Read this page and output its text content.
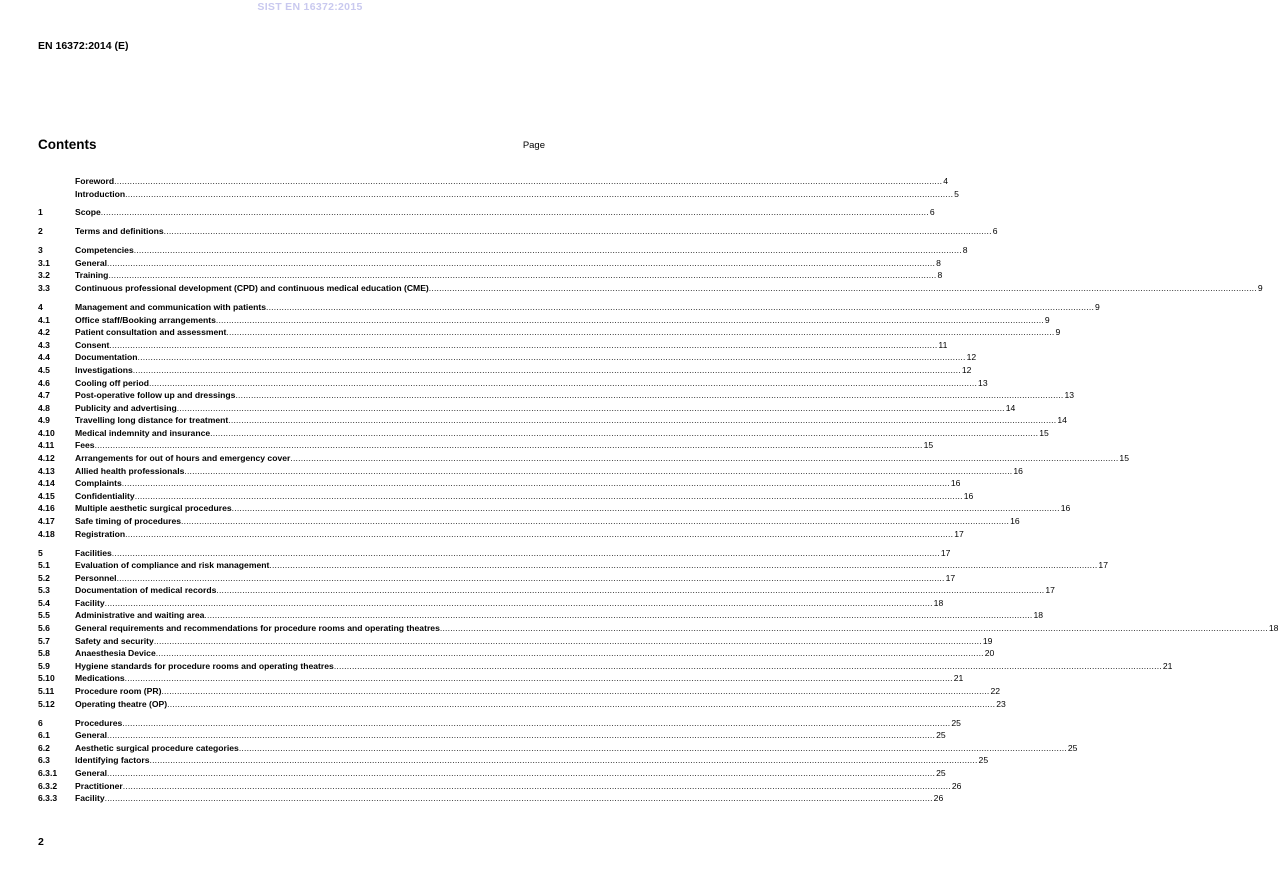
SIST EN 16372:2015
EN 16372:2014 (E)
Contents	Page
Foreword .....	4
Introduction .....	5
1	Scope .....	6
2	Terms and definitions .....	6
3	Competencies .....	8
3.1	General .....	8
3.2	Training .....	8
3.3	Continuous professional development (CPD) and continuous medical education (CME) .....	9
4	Management and communication with patients .....	9
4.1	Office staff/Booking arrangements .....	9
4.2	Patient consultation and assessment .....	9
4.3	Consent .....	11
4.4	Documentation .....	12
4.5	Investigations .....	12
4.6	Cooling off period .....	13
4.7	Post-operative follow up and dressings .....	13
4.8	Publicity and advertising .....	14
4.9	Travelling long distance for treatment .....	14
4.10	Medical indemnity and insurance .....	15
4.11	Fees .....	15
4.12	Arrangements for out of hours and emergency cover .....	15
4.13	Allied health professionals .....	16
4.14	Complaints .....	16
4.15	Confidentiality .....	16
4.16	Multiple aesthetic surgical procedures .....	16
4.17	Safe timing of procedures .....	16
4.18	Registration .....	17
5	Facilities .....	17
5.1	Evaluation of compliance and risk management .....	17
5.2	Personnel .....	17
5.3	Documentation of medical records .....	17
5.4	Facility .....	18
5.5	Administrative and waiting area .....	18
5.6	General requirements and recommendations for procedure rooms and operating theatres .....	18
5.7	Safety and security .....	19
5.8	Anaesthesia Device .....	20
5.9	Hygiene standards for procedure rooms and operating theatres .....	21
5.10	Medications .....	21
5.11	Procedure room (PR) .....	22
5.12	Operating theatre (OP) .....	23
6	Procedures .....	25
6.1	General .....	25
6.2	Aesthetic surgical procedure categories .....	25
6.3	Identifying factors .....	25
6.3.1	General .....	25
6.3.2	Practitioner .....	26
6.3.3	Facility .....	26
2
